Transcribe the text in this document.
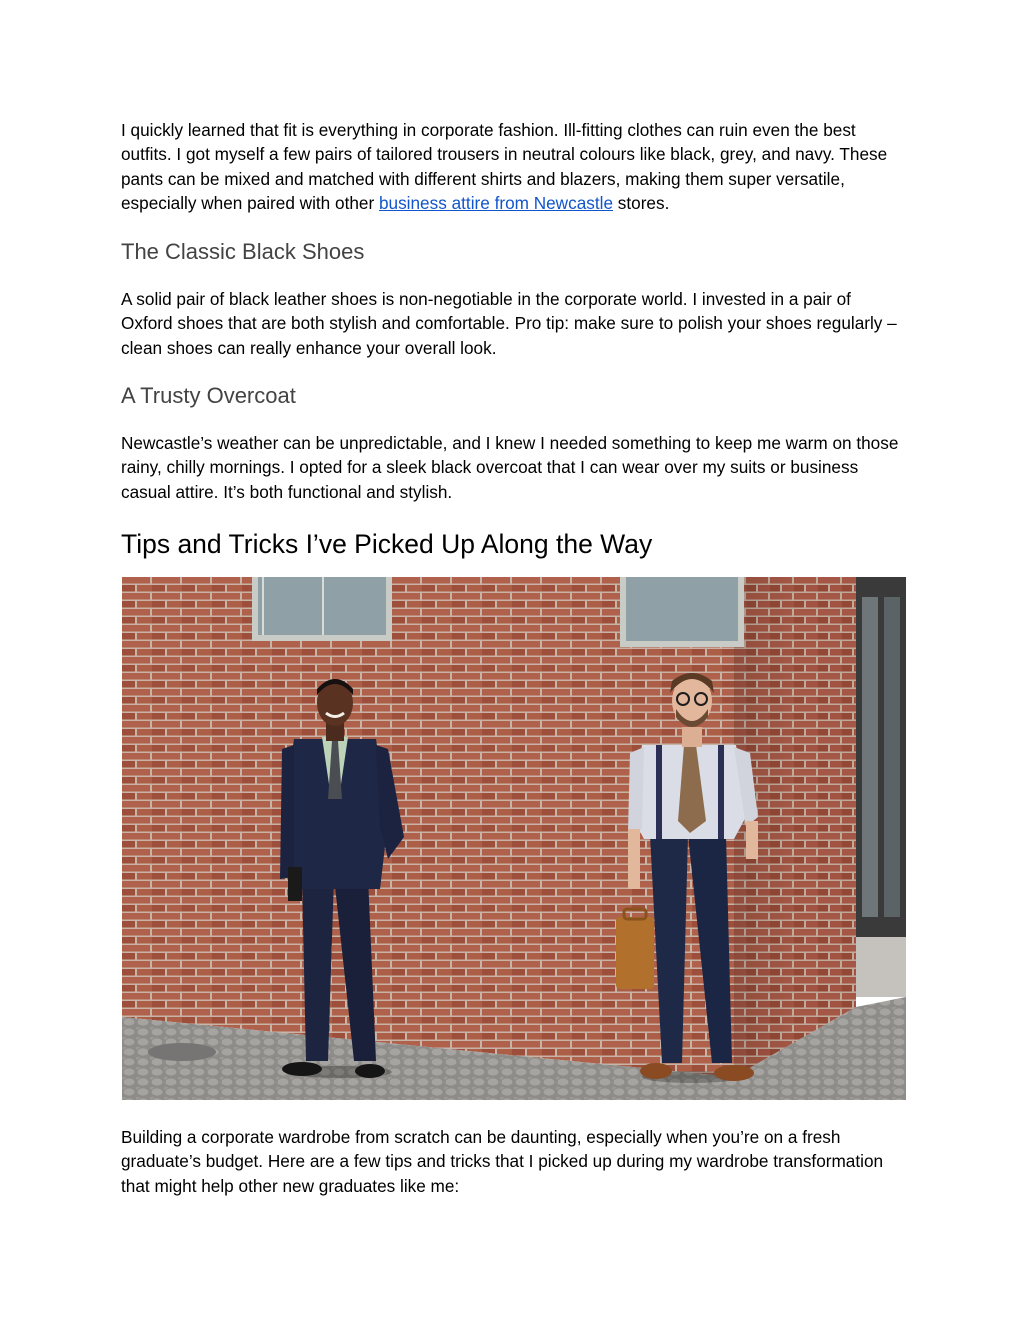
I quickly learned that fit is everything in corporate fashion. Ill-fitting clothes can ruin even the best outfits. I got myself a few pairs of tailored trousers in neutral colours like black, grey, and navy. These pants can be mixed and matched with different shirts and blazers, making them super versatile, especially when paired with other business attire from Newcastle stores.

The Classic Black Shoes

A solid pair of black leather shoes is non-negotiable in the corporate world. I invested in a pair of Oxford shoes that are both stylish and comfortable. Pro tip: make sure to polish your shoes regularly – clean shoes can really enhance your overall look.

A Trusty Overcoat

Newcastle’s weather can be unpredictable, and I knew I needed something to keep me warm on those rainy, chilly mornings. I opted for a sleek black overcoat that I can wear over my suits or business casual attire. It’s both functional and stylish.

Tips and Tricks I’ve Picked Up Along the Way

Building a corporate wardrobe from scratch can be daunting, especially when you’re on a fresh graduate’s budget. Here are a few tips and tricks that I picked up during my wardrobe transformation that might help other new graduates like me:
